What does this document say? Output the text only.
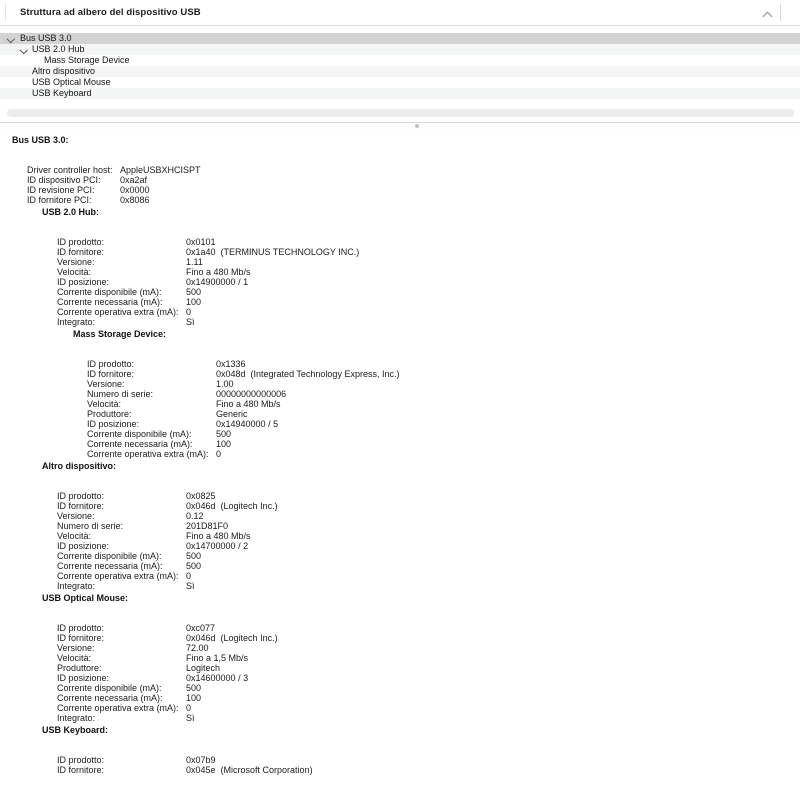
Struttura ad albero del dispositivo USB
Bus USB 3.0
USB 2.0 Hub
Mass Storage Device
Altro dispositivo
USB Optical Mouse
USB Keyboard
Bus USB 3.0:

Driver controller host: AppleUSBXHCISPT

ID dispositivo PCI: 0xa2af

ID revisione PCI:	0x0000

ID fornitore PCI:	0x8086

USB 2.0 Hub:

ID prodotto:	0x0101

ID fornitore:	0x1a40  (TERMINUS TECHNOLOGY INC.)

Versione:	1.11

Velocità:	Fino a 480 Mb/s

ID posizione:	0x14900000 / 1

Corrente disponibile (mA):	500

Corrente necessaria (mA):	100

Corrente operativa extra (mA): 0

Integrato:	Sì

Mass Storage Device:

ID prodotto:	0x1336

ID fornitore:	0x048d  (Integrated Technology Express, Inc.)

Versione:	1.00

Numero di serie:	00000000000006

Velocità:	Fino a 480 Mb/s

Produttore:	Generic

ID posizione:	0x14940000 / 5

Corrente disponibile (mA):	500

Corrente necessaria (mA):	100

Corrente operativa extra (mA): 0

Altro dispositivo:

ID prodotto:	0x0825

ID fornitore:	0x046d  (Logitech Inc.)

Versione:	0.12

Numero di serie:	201D81F0

Velocità:	Fino a 480 Mb/s

ID posizione:	0x14700000 / 2

Corrente disponibile (mA):	500

Corrente necessaria (mA):	500

Corrente operativa extra (mA): 0

Integrato:	Sì

USB Optical Mouse:

ID prodotto:	0xc077

ID fornitore:	0x046d  (Logitech Inc.)

Versione:	72.00

Velocità:	Fino a 1,5 Mb/s

Produttore:	Logitech

ID posizione:	0x14600000 / 3

Corrente disponibile (mA):	500

Corrente necessaria (mA):	100

Corrente operativa extra (mA): 0

Integrato:	Sì

USB Keyboard:

ID prodotto:	0x07b9

ID fornitore:	0x045e  (Microsoft Corporation)
